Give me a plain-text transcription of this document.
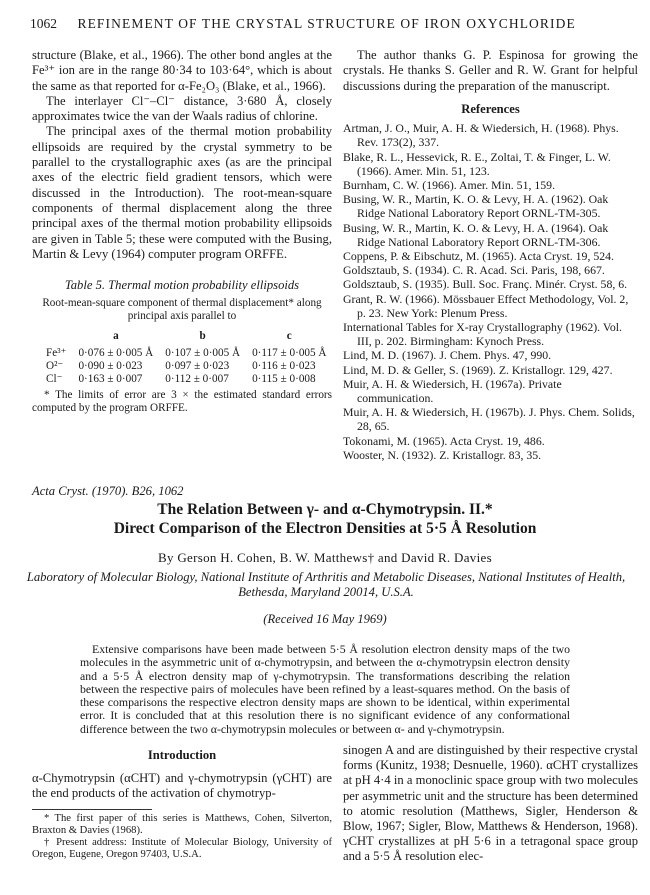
1062 REFINEMENT OF THE CRYSTAL STRUCTURE OF IRON OXYCHLORIDE

structure (Blake, et al., 1966). The other bond angles at the Fe³⁺ ion are in the range 80·34 to 103·64°, which is about the same as that reported for α-Fe₂O₃ (Blake, et al., 1966).

The interlayer Cl⁻–Cl⁻ distance, 3·680 Å, closely approximates twice the van der Waals radius of chlorine.

The principal axes of the thermal motion probability ellipsoids are required by the crystal symmetry to be parallel to the crystallographic axes (as are the principal axes of the electric field gradient tensors, which were discussed in the Introduction). The root-mean-square components of thermal displacement along the three principal axes of the thermal motion probability ellipsoids are given in Table 5; these were computed with the Busing, Martin & Levy (1964) computer program ORFFE.

Table 5. Thermal motion probability ellipsoids
Root-mean-square component of thermal displacement* along principal axis parallel to
	a	b	c
Fe³⁺	0·076 ± 0·005 Å	0·107 ± 0·005 Å	0·117 ± 0·005 Å
O²⁻	0·090 ± 0·023	0·097 ± 0·023	0·116 ± 0·023
Cl⁻	0·163 ± 0·007	0·112 ± 0·007	0·115 ± 0·008
* The limits of error are 3 × the estimated standard errors computed by the program ORFFE.

The author thanks G. P. Espinosa for growing the crystals. He thanks S. Geller and R. W. Grant for helpful discussions during the preparation of the manuscript.

References
Artman, J. O., Muir, A. H. & Wiedersich, H. (1968). Phys. Rev. 173(2), 337.
Blake, R. L., Hessevick, R. E., Zoltai, T. & Finger, L. W. (1966). Amer. Min. 51, 123.
Burnham, C. W. (1966). Amer. Min. 51, 159.
Busing, W. R., Martin, K. O. & Levy, H. A. (1962). Oak Ridge National Laboratory Report ORNL-TM-305.
Busing, W. R., Martin, K. O. & Levy, H. A. (1964). Oak Ridge National Laboratory Report ORNL-TM-306.
Coppens, P. & Eibschutz, M. (1965). Acta Cryst. 19, 524.
Goldsztaub, S. (1934). C. R. Acad. Sci. Paris, 198, 667.
Goldsztaub, S. (1935). Bull. Soc. Franç. Minér. Cryst. 58, 6.
Grant, R. W. (1966). Mössbauer Effect Methodology, Vol. 2, p. 23. New York: Plenum Press.
International Tables for X-ray Crystallography (1962). Vol. III, p. 202. Birmingham: Kynoch Press.
Lind, M. D. (1967). J. Chem. Phys. 47, 990.
Lind, M. D. & Geller, S. (1969). Z. Kristallogr. 129, 427.
Muir, A. H. & Wiedersich, H. (1967a). Private communication.
Muir, A. H. & Wiedersich, H. (1967b). J. Phys. Chem. Solids, 28, 65.
Tokonami, M. (1965). Acta Cryst. 19, 486.
Wooster, N. (1932). Z. Kristallogr. 83, 35.
Acta Cryst. (1970). B26, 1062
The Relation Between γ- and α-Chymotrypsin. II.*
Direct Comparison of the Electron Densities at 5·5 Å Resolution
By Gerson H. Cohen, B. W. Matthews† and David R. Davies
Laboratory of Molecular Biology, National Institute of Arthritis and Metabolic Diseases, National Institutes of Health, Bethesda, Maryland 20014, U.S.A.
(Received 16 May 1969)
Extensive comparisons have been made between 5·5 Å resolution electron density maps of the two molecules in the asymmetric unit of α-chymotrypsin, and between the α-chymotrypsin electron density and a 5·5 Å electron density map of γ-chymotrypsin. The transformations describing the relation between the respective pairs of molecules have been refined by a least-squares method. On the basis of these comparisons the respective electron density maps are shown to be identical, within experimental error. It is concluded that at this resolution there is no significant evidence of any conformational difference between the two α-chymotrypsin molecules or between α- and γ-chymotrypsin.
Introduction

α-Chymotrypsin (αCHT) and γ-chymotrypsin (γCHT) are the end products of the activation of chymotryp-

* The first paper of this series is Matthews, Cohen, Silverton, Braxton & Davies (1968).

† Present address: Institute of Molecular Biology, University of Oregon, Eugene, Oregon 97403, U.S.A.

sinogen A and are distinguished by their respective crystal forms (Kunitz, 1938; Desnuelle, 1960). αCHT crystallizes at pH 4·4 in a monoclinic space group with two molecules per asymmetric unit and the structure has been determined to atomic resolution (Matthews, Sigler, Henderson & Blow, 1967; Sigler, Blow, Matthews & Henderson, 1968). γCHT crystallizes at pH 5·6 in a tetragonal space group and a 5·5 Å resolution elec-
